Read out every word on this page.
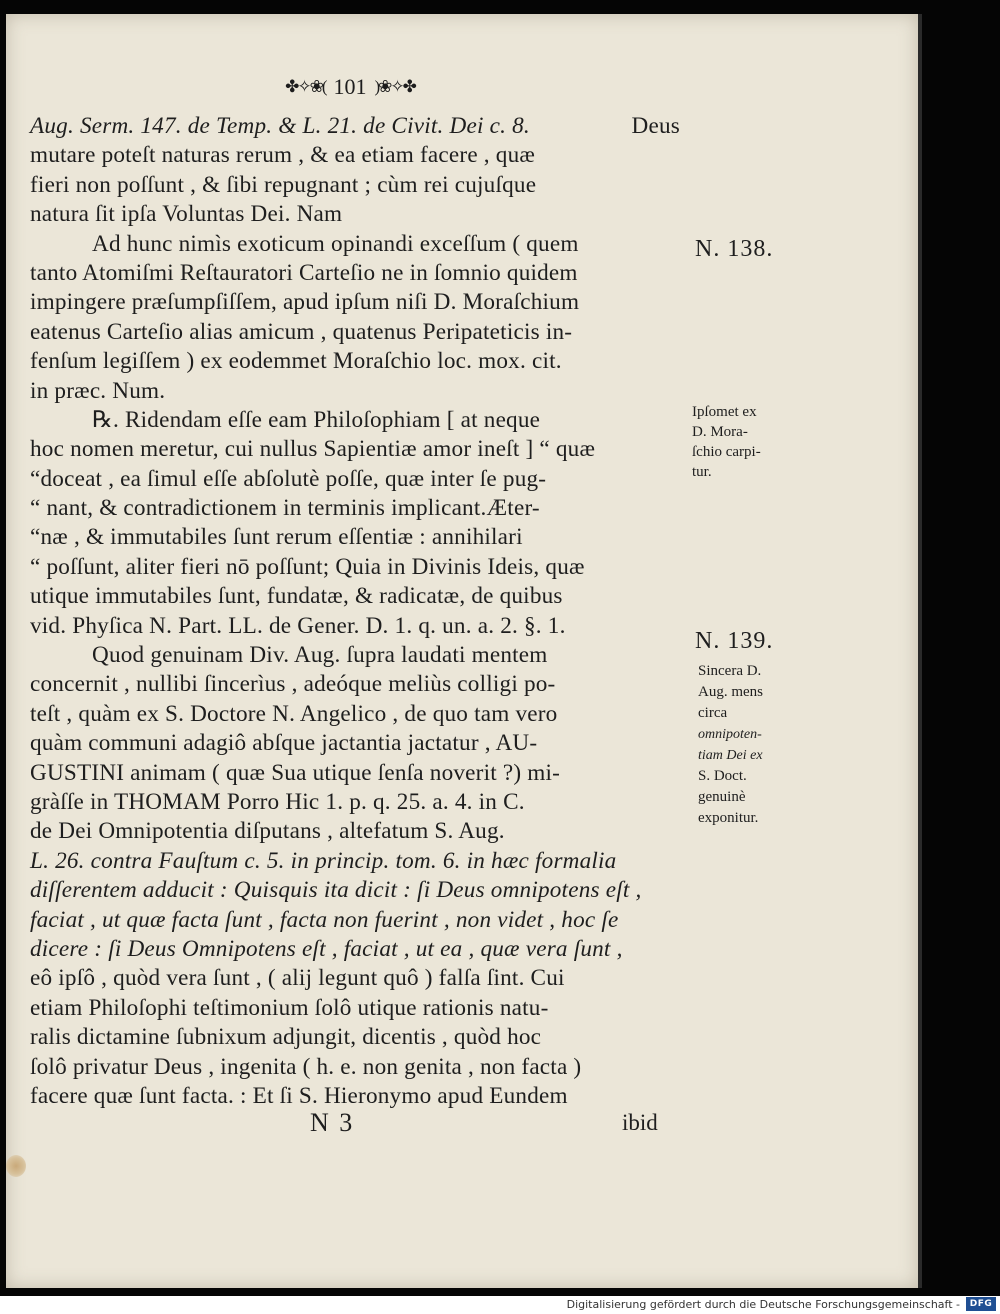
✤✧❀( 101 )❀✧✤
Aug. Serm. 147. de Temp. & L. 21. de Civit. Dei c. 8.	Deus
mutare poteſt naturas rerum , & ea etiam facere , quæ
fieri non poſſunt , & ſibi repugnant ; cùm rei cujuſque
natura ſit ipſa Voluntas Dei. Nam
Ad hunc nimìs exoticum opinandi exceſſum ( quem
tanto Atomiſmi Reſtauratori Carteſio ne in ſomnio quidem
impingere præſumpſiſſem, apud ipſum niſi D. Moraſchium
eatenus Carteſio alias amicum , quatenus Peripateticis in-
fenſum legiſſem ) ex eodemmet Moraſchio loc. mox. cit.
in præc. Num.
℞. Ridendam eſſe eam Philoſophiam [ at neque
hoc nomen meretur, cui nullus Sapientiæ amor ineſt ] “ quæ
“doceat , ea ſimul eſſe abſolutè poſſe, quæ inter ſe pug-
“ nant, & contradictionem in terminis implicant.Æter-
“næ , & immutabiles ſunt rerum eſſentiæ : annihilari
“ poſſunt, aliter fieri nō poſſunt; Quia in Divinis Ideis, quæ
utique immutabiles ſunt, fundatæ, & radicatæ, de quibus
vid. Phyſica N. Part. LL. de Gener. D. 1. q. un. a. 2. §. 1.
Quod genuinam Div. Aug. ſupra laudati mentem
concernit , nullibi ſincerìus , adeóque meliùs colligi po-
teſt , quàm ex S. Doctore N. Angelico , de quo tam vero
quàm communi adagiô abſque jactantia jactatur , AU-
GUSTINI animam ( quæ Sua utique ſenſa noverit ?) mi-
gràſſe in THOMAM Porro Hic 1. p. q. 25. a. 4. in C.
de Dei Omnipotentia diſputans , altefatum S. Aug.
L. 26. contra Fauſtum c. 5. in princip. tom. 6. in hæc formalia
diſſerentem adducit : Quisquis ita dicit : ſi Deus omnipotens eſt ,
faciat , ut quæ facta ſunt , facta non fuerint , non videt , hoc ſe
dicere : ſi Deus Omnipotens eſt , faciat , ut ea , quæ vera ſunt ,
eô ipſô , quòd vera ſunt , ( alij legunt quô ) falſa ſint. Cui
etiam Philoſophi teſtimonium ſolô utique rationis natu-
ralis dictamine ſubnixum adjungit, dicentis , quòd hoc
ſolô privatur Deus , ingenita ( h. e. non genita , non facta )
facere quæ ſunt facta. : Et ſi S. Hieronymo apud Eundem
N. 138.
Ipſomet ex
D. Mora-
ſchio carpi-
tur.
N. 139.
Sincera D.
Aug. mens
circa
omnipoten-
tiam Dei ex
S. Doct.
genuinè
exponitur.
N 3	ibid
Digitalisierung gefördert durch die Deutsche Forschungsgemeinschaft -	DFG
